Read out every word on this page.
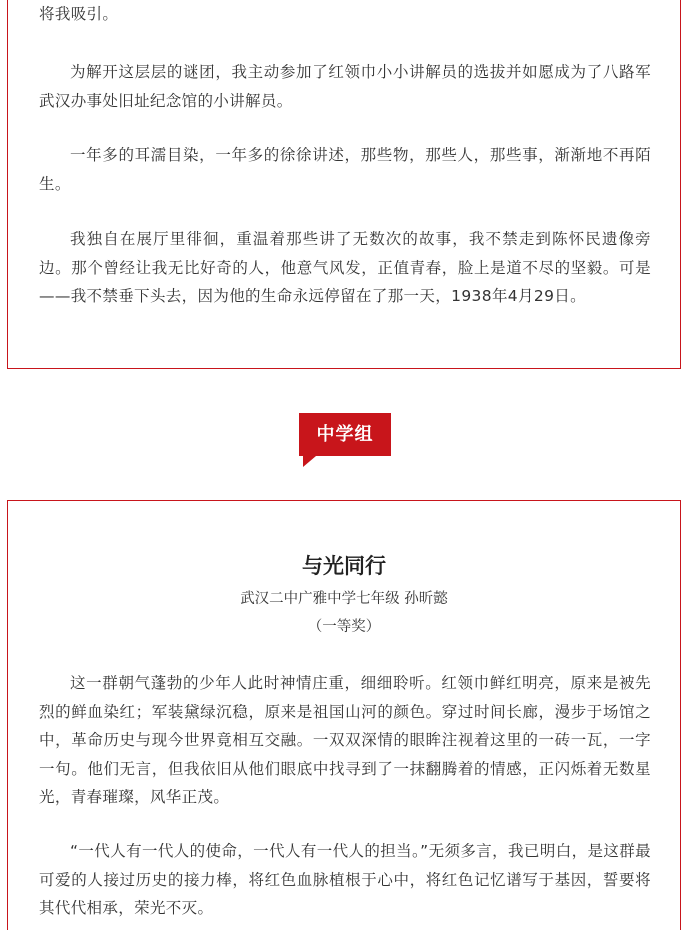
将我吸引。

为解开这层层的谜团，我主动参加了红领巾小小讲解员的选拔并如愿成为了八路军武汉办事处旧址纪念馆的小讲解员。

一年多的耳濡目染，一年多的徐徐讲述，那些物，那些人，那些事，渐渐地不再陌生。

我独自在展厅里徘徊，重温着那些讲了无数次的故事，我不禁走到陈怀民遗像旁边。那个曾经让我无比好奇的人，他意气风发，正值青春，脸上是道不尽的坚毅。可是——我不禁垂下头去，因为他的生命永远停留在了那一天，1938年4月29日。

中学组
与光同行
武汉二中广雅中学七年级 孙昕懿
（一等奖）

这一群朝气蓬勃的少年人此时神情庄重，细细聆听。红领巾鲜红明亮，原来是被先烈的鲜血染红；军装黛绿沉稳，原来是祖国山河的颜色。穿过时间长廊，漫步于场馆之中，革命历史与现今世界竟相互交融。一双双深情的眼眸注视着这里的一砖一瓦，一字一句。他们无言，但我依旧从他们眼底中找寻到了一抹翻腾着的情感，正闪烁着无数星光，青春璀璨，风华正茂。

“一代人有一代人的使命，一代人有一代人的担当。”无须多言，我已明白，是这群最可爱的人接过历史的接力棒，将红色血脉植根于心中，将红色记忆谱写于基因，誓要将其代代相承，荣光不灭。
